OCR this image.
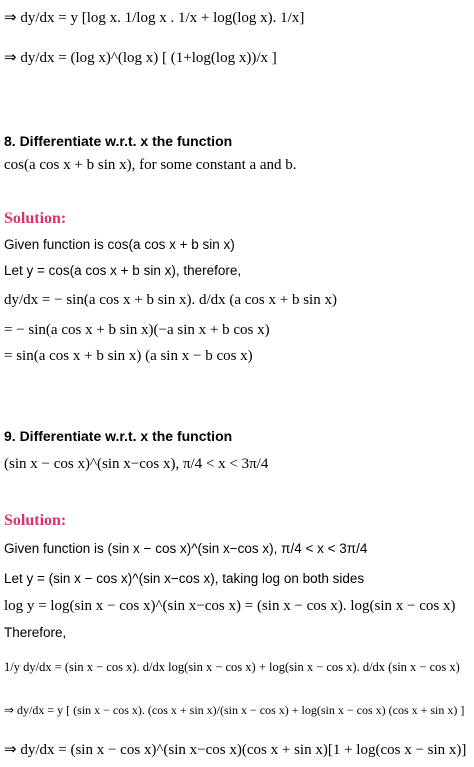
⇒ dy/dx = y [log x. 1/log x . 1/x + log(log x). 1/x]
⇒ dy/dx = (log x)^(log x) [ (1+log(log x))/x ]
8. Differentiate w.r.t. x the function
cos(a cos x + b sin x), for some constant a and b.
Solution:
Given function is cos(a cos x + b sin x)
Let y = cos(a cos x + b sin x), therefore,
dy/dx = − sin(a cos x + b sin x). d/dx (a cos x + b sin x)
= − sin(a cos x + b sin x)(−a sin x + b cos x)
= sin(a cos x + b sin x) (a sin x − b cos x)
9. Differentiate w.r.t. x the function
(sin x − cos x)^(sin x−cos x), π/4 < x < 3π/4
Solution:
Given function is (sin x − cos x)^(sin x−cos x), π/4 < x < 3π/4
Let y = (sin x − cos x)^(sin x−cos x), taking log on both sides
log y = log(sin x − cos x)^(sin x−cos x) = (sin x − cos x). log(sin x − cos x)
Therefore,
1/y dy/dx = (sin x − cos x). d/dx log(sin x − cos x) + log(sin x − cos x). d/dx (sin x − cos x)
⇒ dy/dx = y [ (sin x − cos x). (cos x + sin x)/(sin x − cos x) + log(sin x − cos x) (cos x + sin x) ]
⇒ dy/dx = (sin x − cos x)^(sin x−cos x)(cos x + sin x)[1 + log(cos x − sin x)]
